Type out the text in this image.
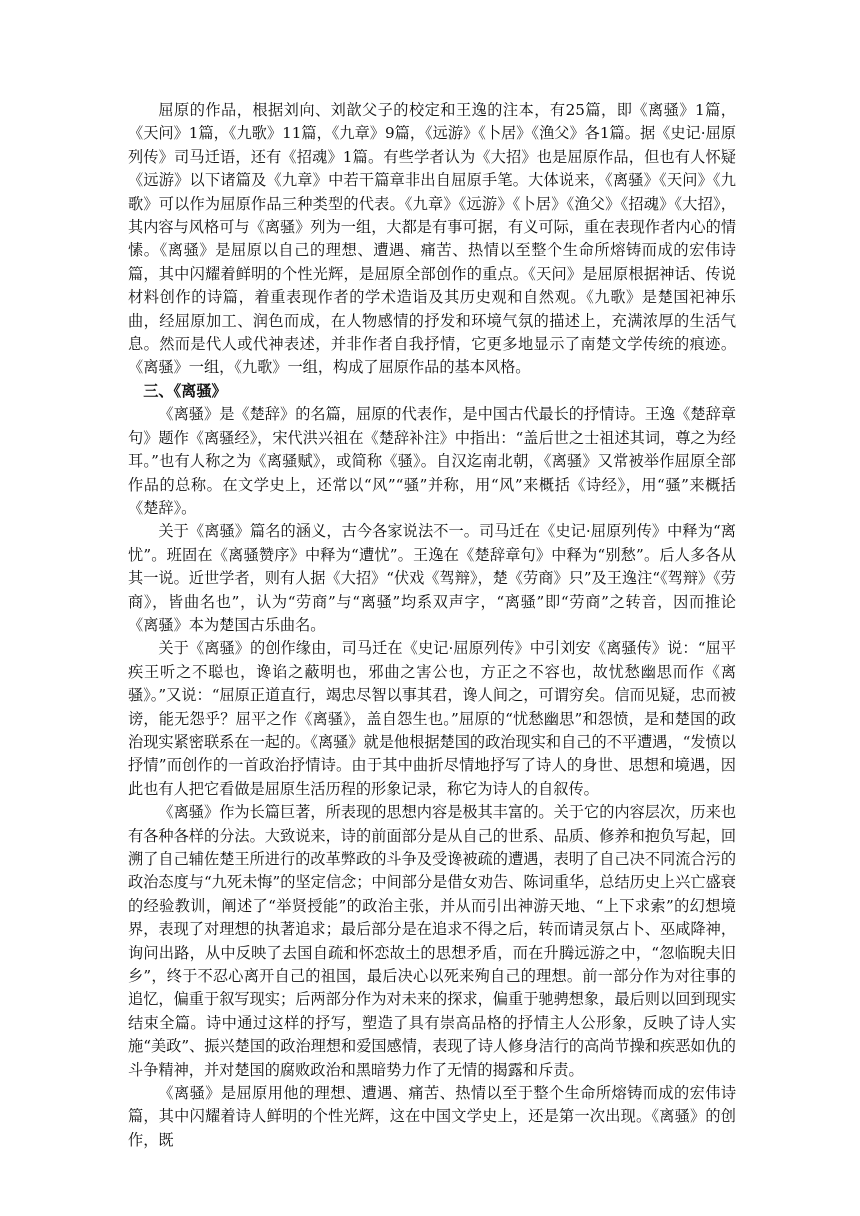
屈原的作品，根据刘向、刘歆父子的校定和王逸的注本，有25篇，即《离骚》1篇，《天问》1篇，《九歌》11篇，《九章》9篇，《远游》《卜居》《渔父》各1篇。据《史记·屈原列传》司马迁语，还有《招魂》1篇。有些学者认为《大招》也是屈原作品，但也有人怀疑《远游》以下诸篇及《九章》中若干篇章非出自屈原手笔。大体说来，《离骚》《天问》《九歌》可以作为屈原作品三种类型的代表。《九章》《远游》《卜居》《渔父》《招魂》《大招》，其内容与风格可与《离骚》列为一组，大都是有事可据，有义可际，重在表现作者内心的情愫。《离骚》是屈原以自己的理想、遭遇、痛苦、热情以至整个生命所熔铸而成的宏伟诗篇，其中闪耀着鲜明的个性光辉，是屈原全部创作的重点。《天问》是屈原根据神话、传说材料创作的诗篇，着重表现作者的学术造诣及其历史观和自然观。《九歌》是楚国祀神乐曲，经屈原加工、润色而成，在人物感情的抒发和环境气氛的描述上，充满浓厚的生活气息。然而是代人或代神表述，并非作者自我抒情，它更多地显示了南楚文学传统的痕迹。《离骚》一组，《九歌》一组，构成了屈原作品的基本风格。

三、《离骚》

《离骚》是《楚辞》的名篇，屈原的代表作，是中国古代最长的抒情诗。王逸《楚辞章句》题作《离骚经》，宋代洪兴祖在《楚辞补注》中指出：“盖后世之士祖述其词，尊之为经耳。”也有人称之为《离骚赋》，或简称《骚》。自汉迄南北朝，《离骚》又常被举作屈原全部作品的总称。在文学史上，还常以“风”“骚”并称，用“风”来概括《诗经》，用“骚”来概括《楚辞》。

关于《离骚》篇名的涵义，古今各家说法不一。司马迁在《史记·屈原列传》中释为“离忧”。班固在《离骚赞序》中释为“遭忧”。王逸在《楚辞章句》中释为“别愁”。后人多各从其一说。近世学者，则有人据《大招》“伏戏《驾辩》，楚《劳商》只”及王逸注“《驾辩》《劳商》，皆曲名也”，认为“劳商”与“离骚”均系双声字，“离骚”即“劳商”之转音，因而推论《离骚》本为楚国古乐曲名。

关于《离骚》的创作缘由，司马迁在《史记·屈原列传》中引刘安《离骚传》说：“屈平疾王听之不聪也，谗谄之蔽明也，邪曲之害公也，方正之不容也，故忧愁幽思而作《离骚》。”又说：“屈原正道直行，竭忠尽智以事其君，谗人间之，可谓穷矣。信而见疑，忠而被谤，能无怨乎？屈平之作《离骚》，盖自怨生也。”屈原的“忧愁幽思”和怨愤，是和楚国的政治现实紧密联系在一起的。《离骚》就是他根据楚国的政治现实和自己的不平遭遇，“发愤以抒情”而创作的一首政治抒情诗。由于其中曲折尽情地抒写了诗人的身世、思想和境遇，因此也有人把它看做是屈原生活历程的形象记录，称它为诗人的自叙传。

《离骚》作为长篇巨著，所表现的思想内容是极其丰富的。关于它的内容层次，历来也有各种各样的分法。大致说来，诗的前面部分是从自己的世系、品质、修养和抱负写起，回溯了自己辅佐楚王所进行的改革弊政的斗争及受谗被疏的遭遇，表明了自己决不同流合污的政治态度与“九死未悔”的坚定信念；中间部分是借女劝告、陈词重华，总结历史上兴亡盛衰的经验教训，阐述了“举贤授能”的政治主张，并从而引出神游天地、“上下求索”的幻想境界，表现了对理想的执著追求；最后部分是在追求不得之后，转而请灵氛占卜、巫咸降神，询问出路，从中反映了去国自疏和怀恋故土的思想矛盾，而在升腾远游之中，“忽临睨夫旧乡”，终于不忍心离开自己的祖国，最后决心以死来殉自己的理想。前一部分作为对往事的追忆，偏重于叙写现实；后两部分作为对未来的探求，偏重于驰骋想象，最后则以回到现实结束全篇。诗中通过这样的抒写，塑造了具有崇高品格的抒情主人公形象，反映了诗人实施“美政”、振兴楚国的政治理想和爱国感情，表现了诗人修身洁行的高尚节操和疾恶如仇的斗争精神，并对楚国的腐败政治和黑暗势力作了无情的揭露和斥责。

《离骚》是屈原用他的理想、遭遇、痛苦、热情以至于整个生命所熔铸而成的宏伟诗篇，其中闪耀着诗人鲜明的个性光辉，这在中国文学史上，还是第一次出现。《离骚》的创作，既
